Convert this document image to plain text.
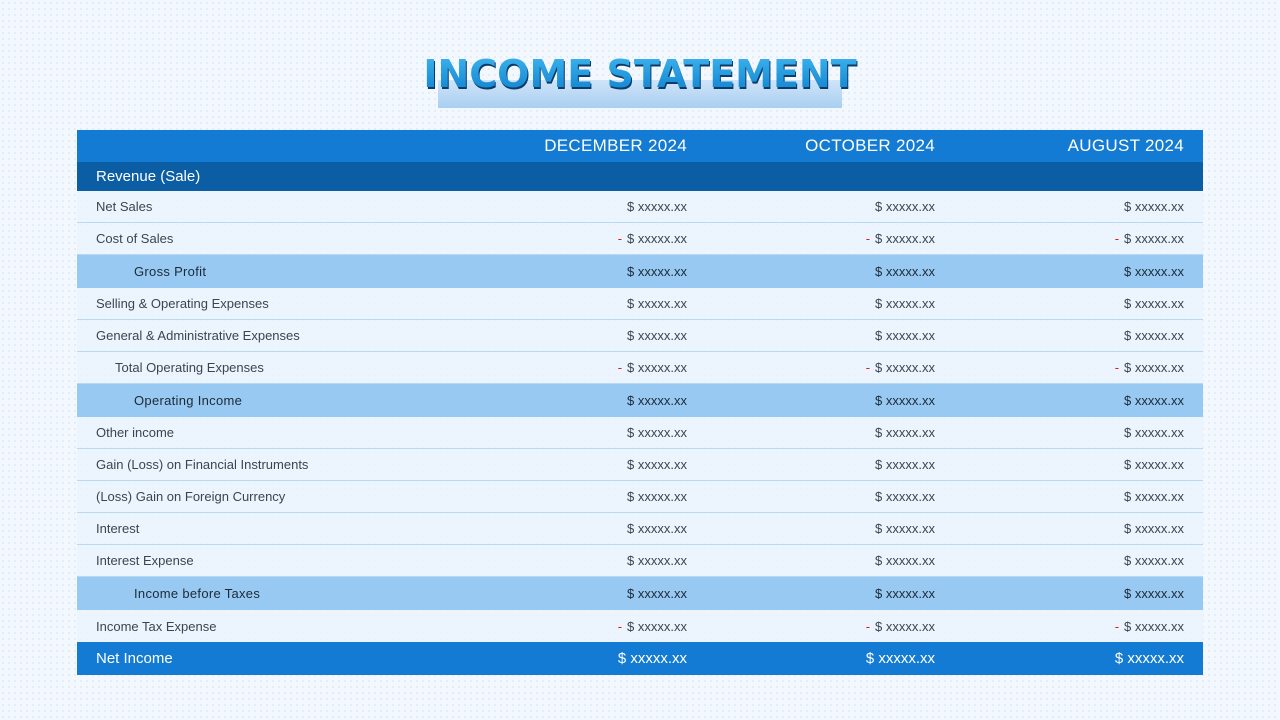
INCOME STATEMENT
DECEMBER 2024	OCTOBER 2024	AUGUST 2024
Revenue (Sale)
Net Sales	$ xxxxx.xx	$ xxxxx.xx	$ xxxxx.xx
Cost of Sales	- $ xxxxx.xx	- $ xxxxx.xx	- $ xxxxx.xx
Gross Profit	$ xxxxx.xx	$ xxxxx.xx	$ xxxxx.xx
Selling & Operating Expenses	$ xxxxx.xx	$ xxxxx.xx	$ xxxxx.xx
General & Administrative Expenses	$ xxxxx.xx	$ xxxxx.xx	$ xxxxx.xx
Total Operating Expenses	- $ xxxxx.xx	- $ xxxxx.xx	- $ xxxxx.xx
Operating Income	$ xxxxx.xx	$ xxxxx.xx	$ xxxxx.xx
Other income	$ xxxxx.xx	$ xxxxx.xx	$ xxxxx.xx
Gain (Loss) on Financial Instruments	$ xxxxx.xx	$ xxxxx.xx	$ xxxxx.xx
(Loss) Gain on Foreign Currency	$ xxxxx.xx	$ xxxxx.xx	$ xxxxx.xx
Interest	$ xxxxx.xx	$ xxxxx.xx	$ xxxxx.xx
Interest Expense	$ xxxxx.xx	$ xxxxx.xx	$ xxxxx.xx
Income before Taxes	$ xxxxx.xx	$ xxxxx.xx	$ xxxxx.xx
Income Tax Expense	- $ xxxxx.xx	- $ xxxxx.xx	- $ xxxxx.xx
Net Income	$ xxxxx.xx	$ xxxxx.xx	$ xxxxx.xx
